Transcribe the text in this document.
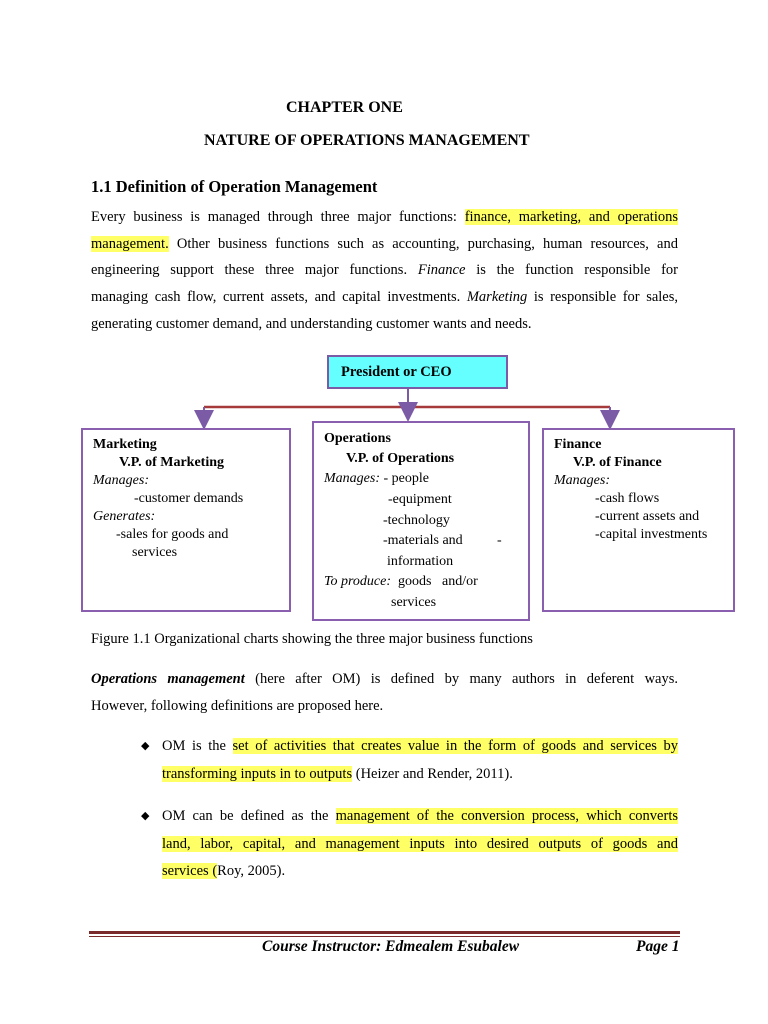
CHAPTER ONE
NATURE OF OPERATIONS MANAGEMENT
1.1 Definition of Operation Management
Every business is managed through three major functions: finance, marketing, and operations
management. Other business functions such as accounting, purchasing, human resources, and
engineering support these three major functions. Finance is the function responsible for
managing cash flow, current assets, and capital investments. Marketing is responsible for sales,
generating customer demand, and understanding customer wants and needs.
President or CEO
Marketing
V.P. of Marketing
Manages:
-customer demands
Generates:
-sales for goods and
services
Operations
V.P. of Operations
Manages: - people
-equipment
-technology
-materials and -
information
To produce: goods and/or
services
Finance
V.P. of Finance
Manages:
-cash flows
-current assets and
-capital investments
Figure 1.1 Organizational charts showing the three major business functions
Operations management (here after OM) is defined by many authors in deferent ways.
However, following definitions are proposed here.
◆ OM is the set of activities that creates value in the form of goods and services by
transforming inputs in to outputs (Heizer and Render, 2011).
◆ OM can be defined as the management of the conversion process, which converts
land, labor, capital, and management inputs into desired outputs of goods and
services (Roy, 2005).
Course Instructor: Edmealem Esubalew	Page 1
